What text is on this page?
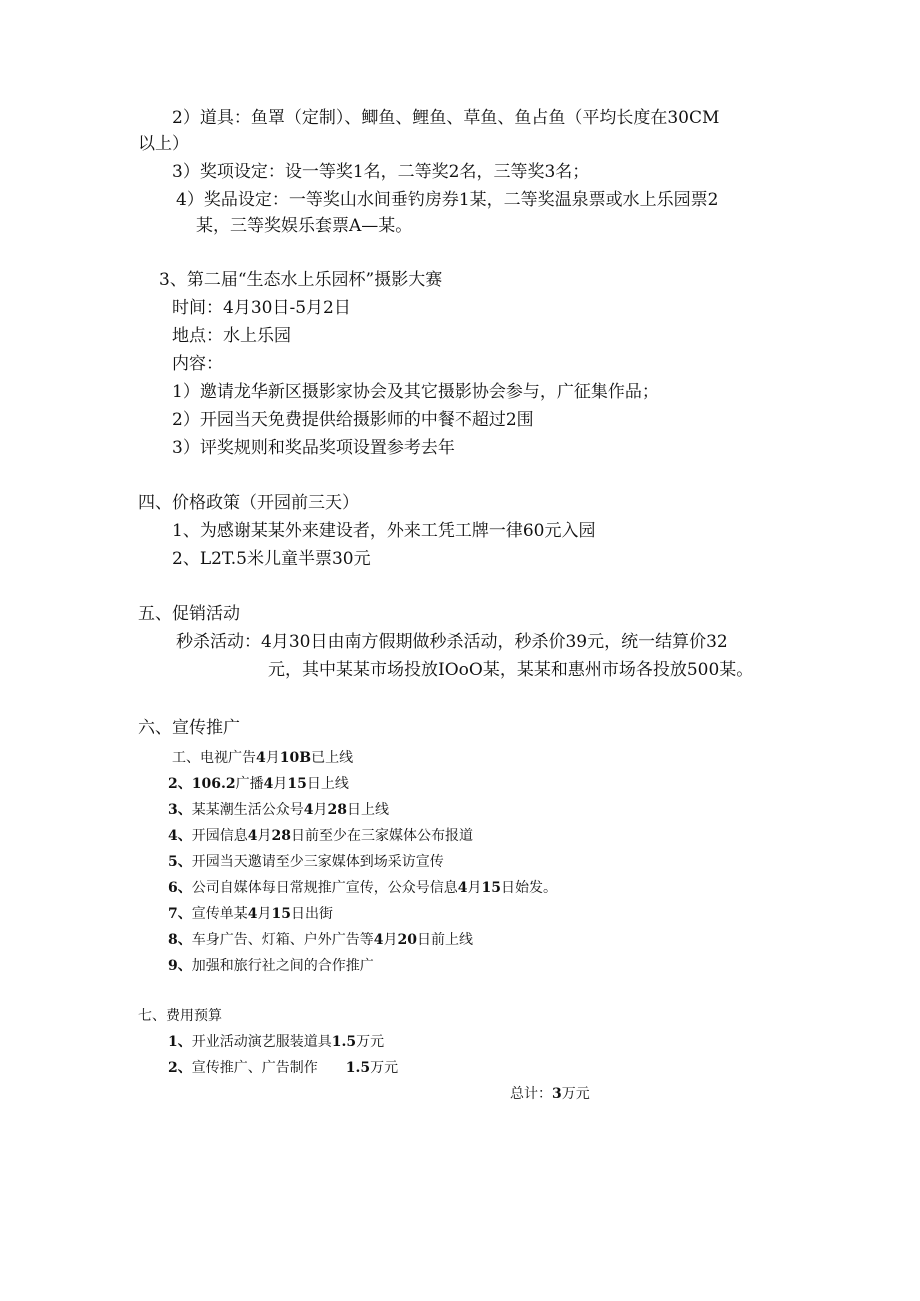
2）道具：鱼罩（定制）、鲫鱼、鲤鱼、草鱼、鱼占鱼（平均长度在30CM
以上）
3）奖项设定：设一等奖1名，二等奖2名，三等奖3名；
4）奖品设定：一等奖山水间垂钓房券1某，二等奖温泉票或水上乐园票2
某，三等奖娱乐套票A—某。
3、第二届“生态水上乐园杯”摄影大赛
时间：4月30日-5月2日
地点：水上乐园
内容：
1）邀请龙华新区摄影家协会及其它摄影协会参与，广征集作品；
2）开园当天免费提供给摄影师的中餐不超过2围
3）评奖规则和奖品奖项设置参考去年
四、价格政策（开园前三天）
1、为感谢某某外来建设者，外来工凭工牌一律60元入园
2、L2T.5米儿童半票30元
五、促销活动
秒杀活动：4月30日由南方假期做秒杀活动，秒杀价39元，统一结算价32
元，其中某某市场投放IOoO某，某某和惠州市场各投放500某。
六、宣传推广
工、电视广告4月10B已上线
2、106.2广播4月15日上线
3、某某潮生活公众号4月28日上线
4、开园信息4月28日前至少在三家媒体公布报道
5、开园当天邀请至少三家媒体到场采访宣传
6、公司自媒体每日常规推广宣传，公众号信息4月15日始发。
7、宣传单某4月15日出街
8、车身广告、灯箱、户外广告等4月20日前上线
9、加强和旅行社之间的合作推广
七、费用预算
1、开业活动演艺服装道具1.5万元
2、宣传推广、广告制作 1.5万元
总计：3万元
